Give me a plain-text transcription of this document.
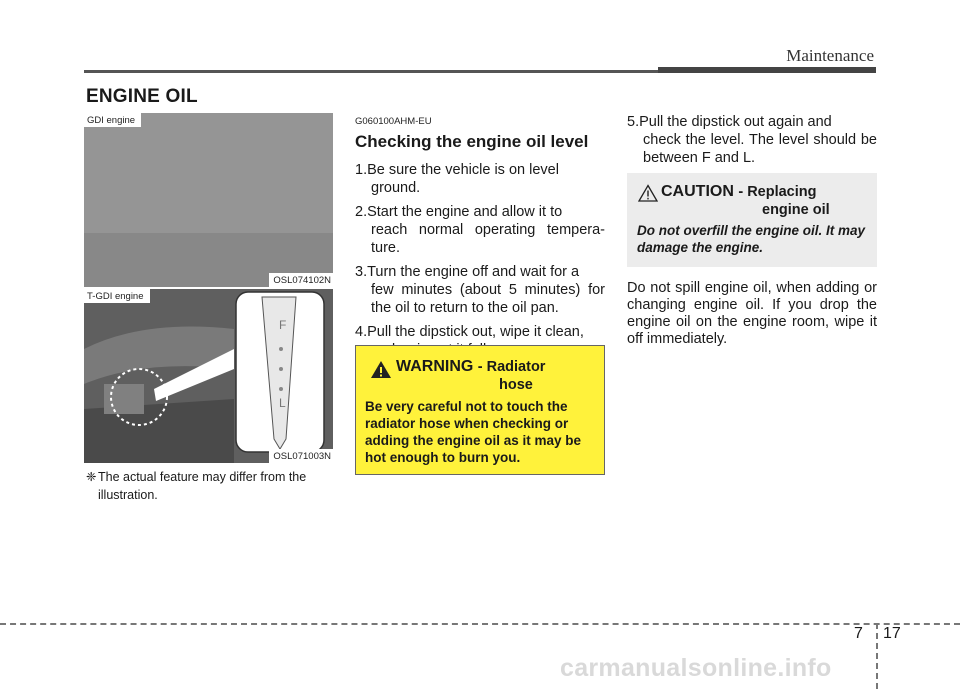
Maintenance
ENGINE OIL
GDI engine
OSL074102N
F
L
T-GDI engine
OSL071003N
❈ The actual feature may differ from the
illustration.
G060100AHM-EU
Checking the engine oil level
1.Be sure the vehicle is on level
ground.
2.Start the engine and allow it to
reach normal operating tempera-ture.
3.Turn the engine off and wait for a
few minutes (about 5 minutes) for the oil to return to the oil pan.
4.Pull the dipstick out, wipe it clean,
WARNING - Radiator
hose
Be very careful not to touch the radiator hose when checking or adding the engine oil as it may be hot enough to burn you.
5.Pull the dipstick out again and
check the level. The level should be between F and L.
CAUTION - Replacing
engine oil
Do not overfill the engine oil. It may damage the engine.
Do not spill engine oil, when adding or changing engine oil. If you drop the engine oil on the engine room, wipe it off immediately.
7 17
carmanualsonline.info
